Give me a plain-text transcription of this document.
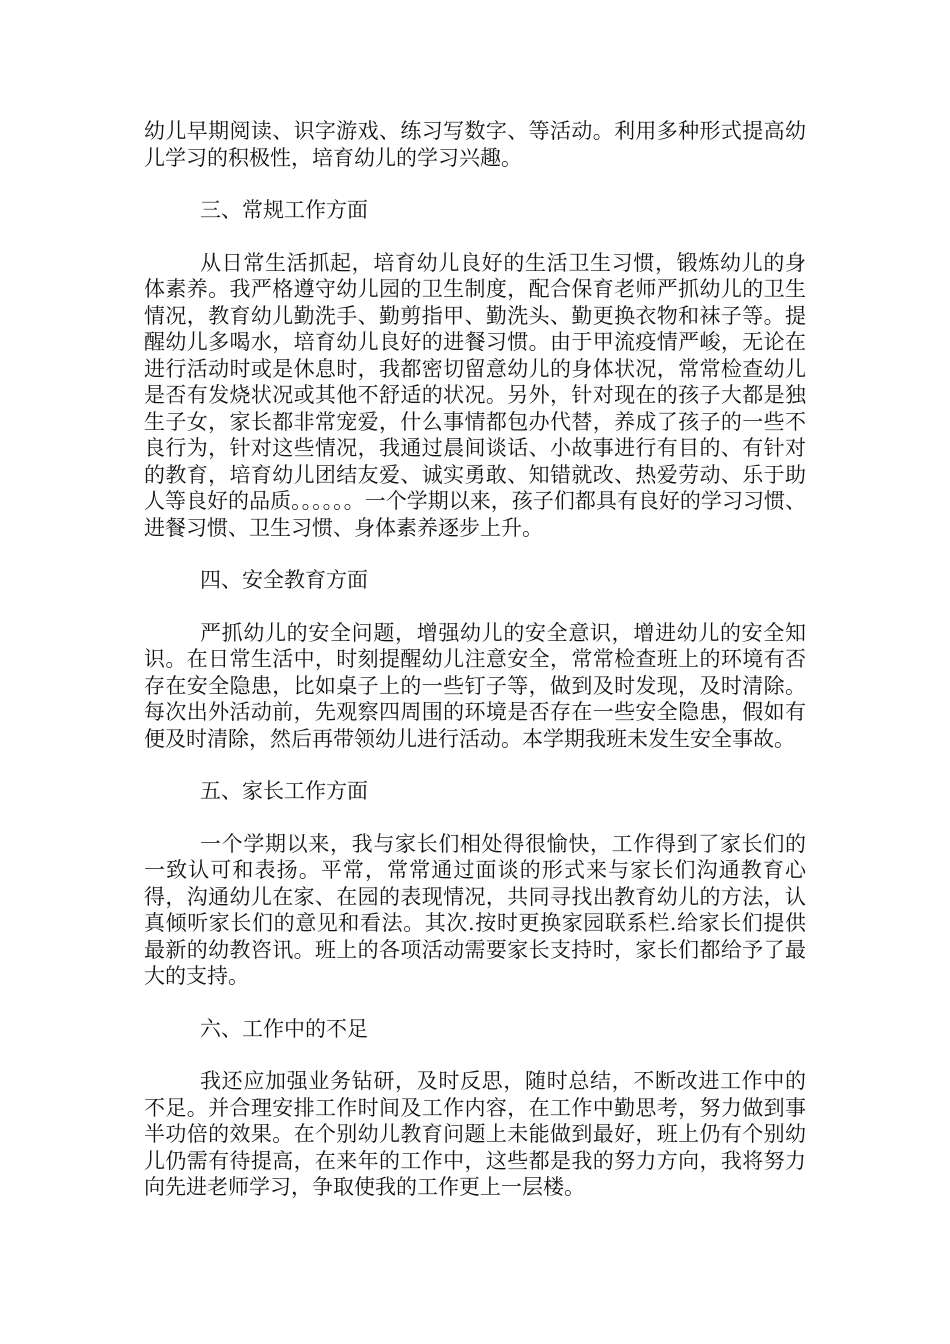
幼儿早期阅读、识字游戏、练习写数字、等活动。利用多种形式提高幼儿学习的积极性，培育幼儿的学习兴趣。

三、常规工作方面

从日常生活抓起，培育幼儿良好的生活卫生习惯，锻炼幼儿的身体素养。我严格遵守幼儿园的卫生制度，配合保育老师严抓幼儿的卫生情况，教育幼儿勤洗手、勤剪指甲、勤洗头、勤更换衣物和袜子等。提醒幼儿多喝水，培育幼儿良好的进餐习惯。由于甲流疫情严峻，无论在进行活动时或是休息时，我都密切留意幼儿的身体状况，常常检查幼儿是否有发烧状况或其他不舒适的状况。另外，针对现在的孩子大都是独生子女，家长都非常宠爱，什么事情都包办代替，养成了孩子的一些不良行为，针对这些情况，我通过晨间谈话、小故事进行有目的、有针对的教育，培育幼儿团结友爱、诚实勇敢、知错就改、热爱劳动、乐于助人等良好的品质。。。。。。一个学期以来，孩子们都具有良好的学习习惯、进餐习惯、卫生习惯、身体素养逐步上升。

四、安全教育方面

严抓幼儿的安全问题，增强幼儿的安全意识，增进幼儿的安全知识。在日常生活中，时刻提醒幼儿注意安全，常常检查班上的环境有否存在安全隐患，比如桌子上的一些钉子等，做到及时发现，及时清除。每次出外活动前，先观察四周围的环境是否存在一些安全隐患，假如有便及时清除，然后再带领幼儿进行活动。本学期我班未发生安全事故。

五、家长工作方面

一个学期以来，我与家长们相处得很愉快，工作得到了家长们的一致认可和表扬。平常，常常通过面谈的形式来与家长们沟通教育心得，沟通幼儿在家、在园的表现情况，共同寻找出教育幼儿的方法，认真倾听家长们的意见和看法。其次.按时更换家园联系栏.给家长们提供最新的幼教咨讯。班上的各项活动需要家长支持时，家长们都给予了最大的支持。

六、工作中的不足

我还应加强业务钻研，及时反思，随时总结，不断改进工作中的不足。并合理安排工作时间及工作内容，在工作中勤思考，努力做到事半功倍的效果。在个别幼儿教育问题上未能做到最好，班上仍有个别幼儿仍需有待提高，在来年的工作中，这些都是我的努力方向，我将努力向先进老师学习，争取使我的工作更上一层楼。
